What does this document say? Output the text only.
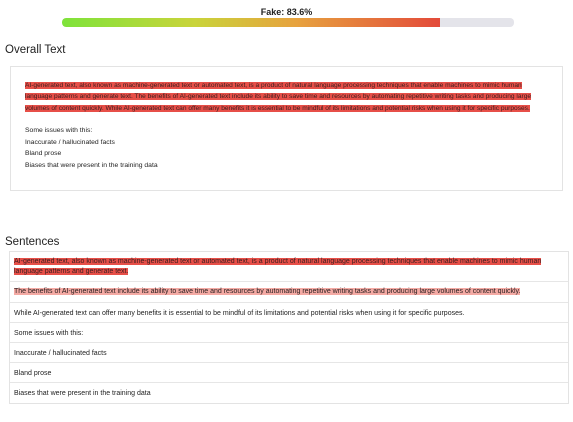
Fake: 83.6%
Overall Text

AI-generated text, also known as machine-generated text or automated text, is a product of natural language processing techniques that enable machines to mimic human language patterns and generate text. The benefits of AI-generated text include its ability to save time and resources by automating repetitive writing tasks and producing large volumes of content quickly. While AI-generated text can offer many benefits it is essential to be mindful of its limitations and potential risks when using it for specific purposes.

Some issues with this:
Inaccurate / hallucinated facts
Bland prose
Biases that were present in the training data
Sentences
AI-generated text, also known as machine-generated text or automated text, is a product of natural language processing techniques that enable machines to mimic human language patterns and generate text.
The benefits of AI-generated text include its ability to save time and resources by automating repetitive writing tasks and producing large volumes of content quickly.
While AI-generated text can offer many benefits it is essential to be mindful of its limitations and potential risks when using it for specific purposes.
Some issues with this:
Inaccurate / hallucinated facts
Bland prose
Biases that were present in the training data
